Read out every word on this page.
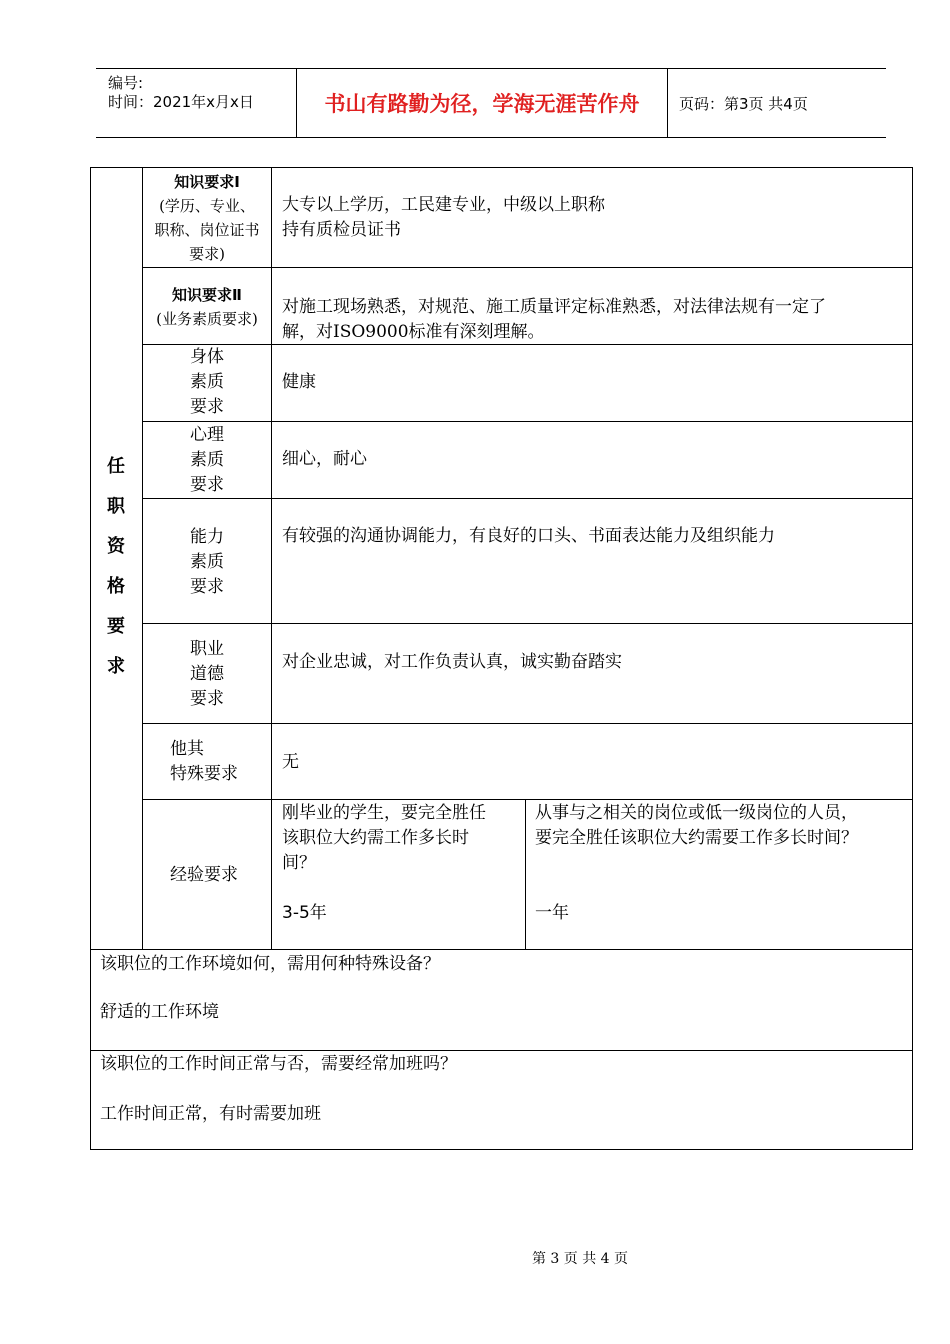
编号:
时间：2021年x月x日	书山有路勤为径，学海无涯苦作舟	页码：第3页 共4页
任
职
资
格
要
求
知识要求Ⅰ
(学历、专业、
职称、岗位证书
要求)
大专以上学历，工民建专业，中级以上职称
持有质检员证书
知识要求Ⅱ
(业务素质要求)
对施工现场熟悉，对规范、施工质量评定标准熟悉，对法律法规有一定了
解，对ISO9000标准有深刻理解。
身体
素质
要求
健康
心理
素质
要求
细心，耐心
能力
素质
要求
有较强的沟通协调能力，有良好的口头、书面表达能力及组织能力
职业
道德
要求
对企业忠诚，对工作负责认真，诚实勤奋踏实
他其
特殊要求
无
经验要求
刚毕业的学生，要完全胜任
该职位大约需工作多长时
间？
3-5年
从事与之相关的岗位或低一级岗位的人员，
要完全胜任该职位大约需要工作多长时间？
一年
该职位的工作环境如何，需用何种特殊设备？
舒适的工作环境
该职位的工作时间正常与否，需要经常加班吗？
工作时间正常，有时需要加班
第 3 页 共 4 页
